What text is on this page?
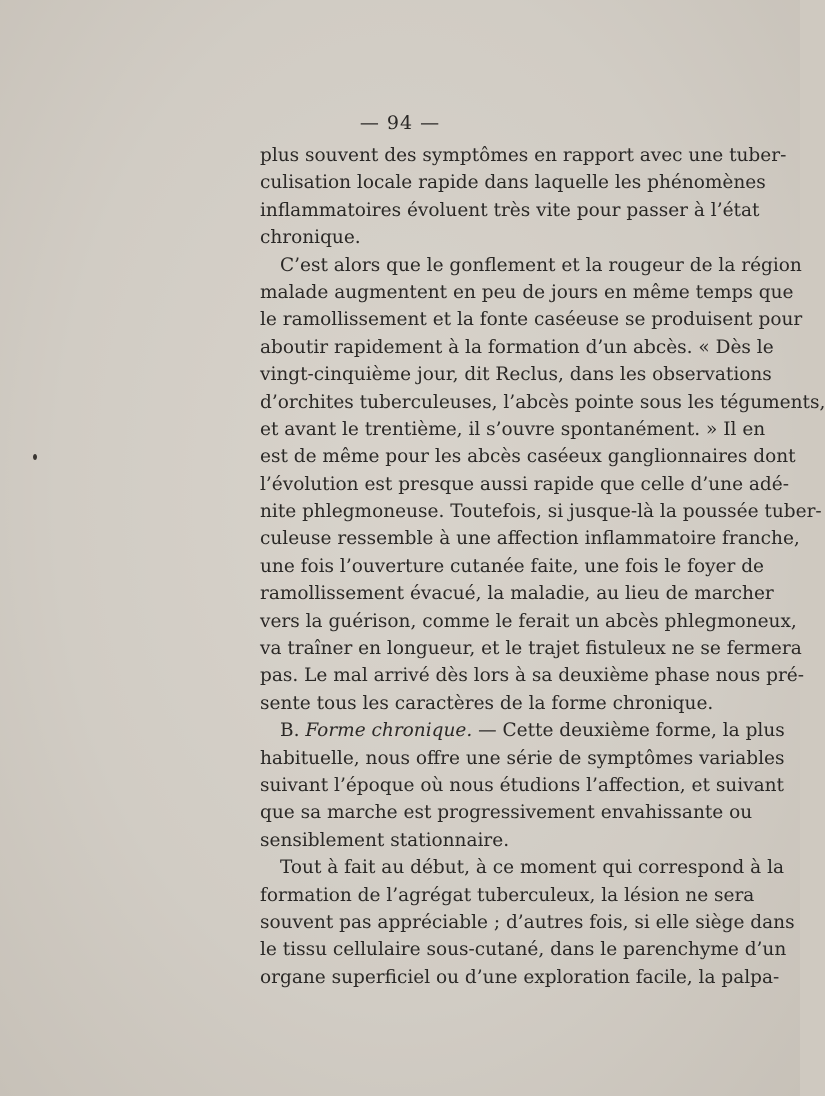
— 94 —
plus souvent des symptômes en rapport avec une tuber-
culisation locale rapide dans laquelle les phénomènes
inflammatoires évoluent très vite pour passer à l’état
chronique.
C’est alors que le gonflement et la rougeur de la région
malade augmentent en peu de jours en même temps que
le ramollissement et la fonte caséeuse se produisent pour
aboutir rapidement à la formation d’un abcès. « Dès le
vingt-cinquième jour, dit Reclus, dans les observations
d’orchites tuberculeuses, l’abcès pointe sous les téguments,
et avant le trentième, il s’ouvre spontanément. » Il en
est de même pour les abcès caséeux ganglionnaires dont
l’évolution est presque aussi rapide que celle d’une adé-
nite phlegmoneuse. Toutefois, si jusque-là la poussée tuber-
culeuse ressemble à une affection inflammatoire franche,
une fois l’ouverture cutanée faite, une fois le foyer de
ramollissement évacué, la maladie, au lieu de marcher
vers la guérison, comme le ferait un abcès phlegmoneux,
va traîner en longueur, et le trajet fistuleux ne se fermera
pas. Le mal arrivé dès lors à sa deuxième phase nous pré-
sente tous les caractères de la forme chronique.
B. Forme chronique. — Cette deuxième forme, la plus
habituelle, nous offre une série de symptômes variables
suivant l’époque où nous étudions l’affection, et suivant
que sa marche est progressivement envahissante ou
sensiblement stationnaire.
Tout à fait au début, à ce moment qui correspond à la
formation de l’agrégat tuberculeux, la lésion ne sera
souvent pas appréciable ; d’autres fois, si elle siège dans
le tissu cellulaire sous-cutané, dans le parenchyme d’un
organe superficiel ou d’une exploration facile, la palpa-
